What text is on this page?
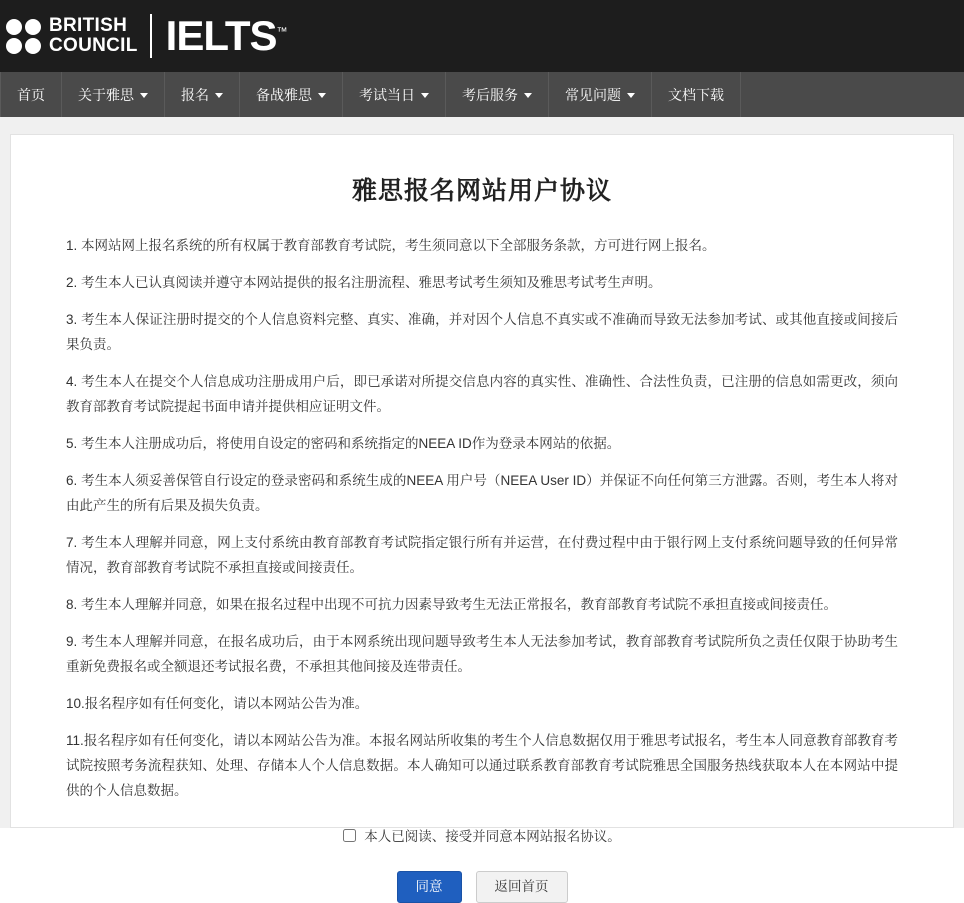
BRITISH
COUNCIL IELTS™
首页 关于雅思	报名	备战雅思	考试当日	考后服务	常见问题	文档下载
雅思报名网站用户协议

1. 本网站网上报名系统的所有权属于教育部教育考试院，考生须同意以下全部服务条款，方可进行网上报名。

2. 考生本人已认真阅读并遵守本网站提供的报名注册流程、雅思考试考生须知及雅思考试考生声明。

3. 考生本人保证注册时提交的个人信息资料完整、真实、准确，并对因个人信息不真实或不准确而导致无法参加考试、或其他直接或间接后果负责。

4. 考生本人在提交个人信息成功注册成用户后，即已承诺对所提交信息内容的真实性、准确性、合法性负责，已注册的信息如需更改，须向教育部教育考试院提起书面申请并提供相应证明文件。

5. 考生本人注册成功后，将使用自设定的密码和系统指定的NEEA ID作为登录本网站的依据。

6. 考生本人须妥善保管自行设定的登录密码和系统生成的NEEA 用户号（NEEA User ID）并保证不向任何第三方泄露。否则，考生本人将对由此产生的所有后果及损失负责。

7. 考生本人理解并同意，网上支付系统由教育部教育考试院指定银行所有并运营，在付费过程中由于银行网上支付系统问题导致的任何异常情况，教育部教育考试院不承担直接或间接责任。

8. 考生本人理解并同意，如果在报名过程中出现不可抗力因素导致考生无法正常报名，教育部教育考试院不承担直接或间接责任。

9. 考生本人理解并同意，在报名成功后，由于本网系统出现问题导致考生本人无法参加考试，教育部教育考试院所负之责任仅限于协助考生重新免费报名或全额退还考试报名费，不承担其他间接及连带责任。

10.报名程序如有任何变化，请以本网站公告为准。

11.报名程序如有任何变化，请以本网站公告为准。本报名网站所收集的考生个人信息数据仅用于雅思考试报名，考生本人同意教育部教育考试院按照考务流程获知、处理、存储本人个人信息数据。本人确知可以通过联系教育部教育考试院雅思全国服务热线获取本人在本网站中提供的个人信息数据。

本人已阅读、接受并同意本网站报名协议。
同意	返回首页
